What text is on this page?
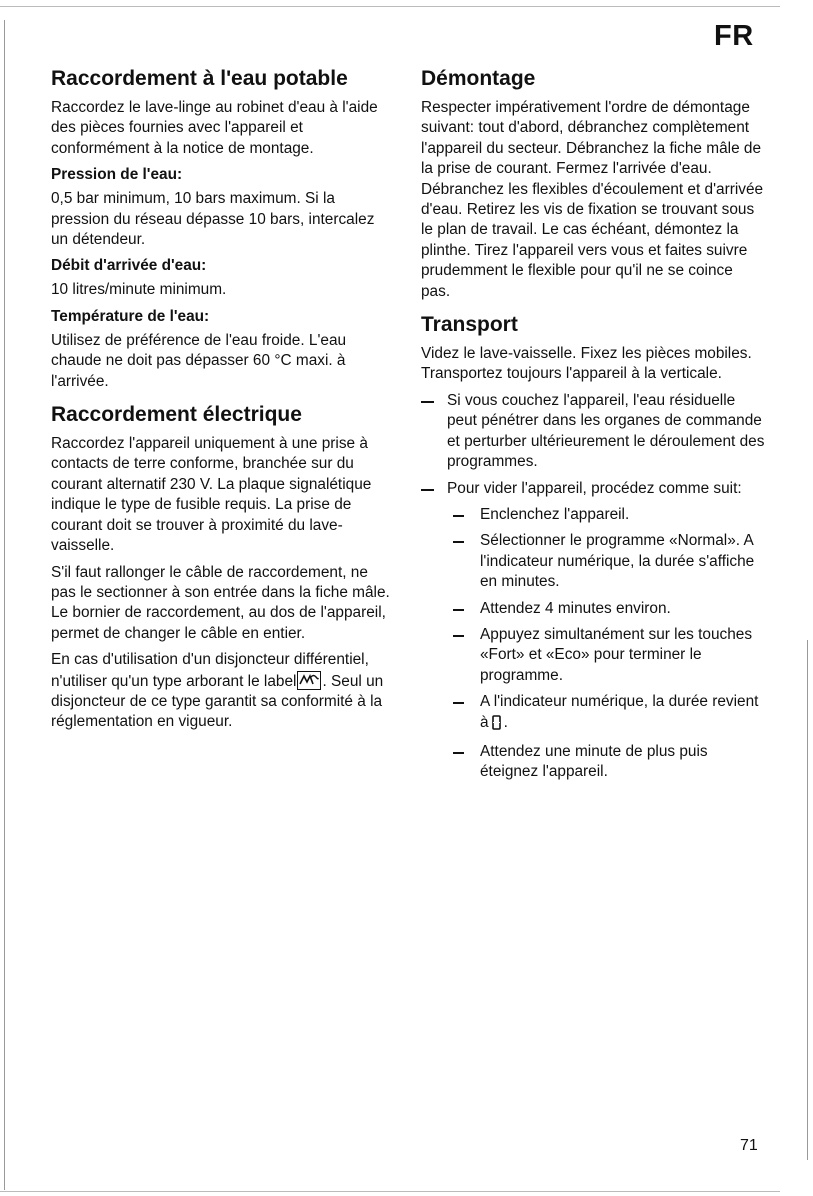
FR
Raccordement à l'eau potable

Raccordez le lave-linge au robinet d'eau à l'aide des pièces fournies avec l'appareil et conformément à la notice de montage.

Pression de l'eau:

0,5 bar minimum, 10 bars maximum. Si la pression du réseau dépasse 10 bars, intercalez un détendeur.

Débit d'arrivée d'eau:

10 litres/minute minimum.

Température de l'eau:

Utilisez de préférence de l'eau froide. L'eau chaude ne doit pas dépasser 60 °C maxi. à l'arrivée.

Raccordement électrique

Raccordez l'appareil uniquement à une prise à contacts de terre conforme, branchée sur du courant alternatif 230 V. La plaque signalétique indique le type de fusible requis. La prise de courant doit se trouver à proximité du lave-vaisselle.

S'il faut rallonger le câble de raccordement, ne pas le sectionner à son entrée dans la fiche mâle. Le bornier de raccordement, au dos de l'appareil, permet de changer le câble en entier.

En cas d'utilisation d'un disjoncteur différentiel, n'utiliser qu'un type arborant le label . Seul un disjoncteur de ce type garantit sa conformité à la réglementation en vigueur.

Démontage

Respecter impérativement l'ordre de démontage suivant: tout d'abord, débranchez complètement l'appareil du secteur. Débranchez la fiche mâle de la prise de courant. Fermez l'arrivée d'eau. Débranchez les flexibles d'écoulement et d'arrivée d'eau. Retirez les vis de fixation se trouvant sous le plan de travail. Le cas échéant, démontez la plinthe. Tirez l'appareil vers vous et faites suivre prudemment le flexible pour qu'il ne se coince pas.

Transport

Videz le lave-vaisselle. Fixez les pièces mobiles. Transportez toujours l'appareil à la verticale.

Si vous couchez l'appareil, l'eau résiduelle peut pénétrer dans les organes de commande et perturber ultérieurement le déroulement des programmes.
Pour vider l'appareil, procédez comme suit:
Enclenchez l'appareil.
Sélectionner le programme «Normal». A l'indicateur numérique, la durée s'affiche en minutes.
Attendez 4 minutes environ.
Appuyez simultanément sur les touches «Fort» et «Eco» pour terminer le programme.
A l'indicateur numérique, la durée revient à .
Attendez une minute de plus puis éteignez l'appareil.
71
